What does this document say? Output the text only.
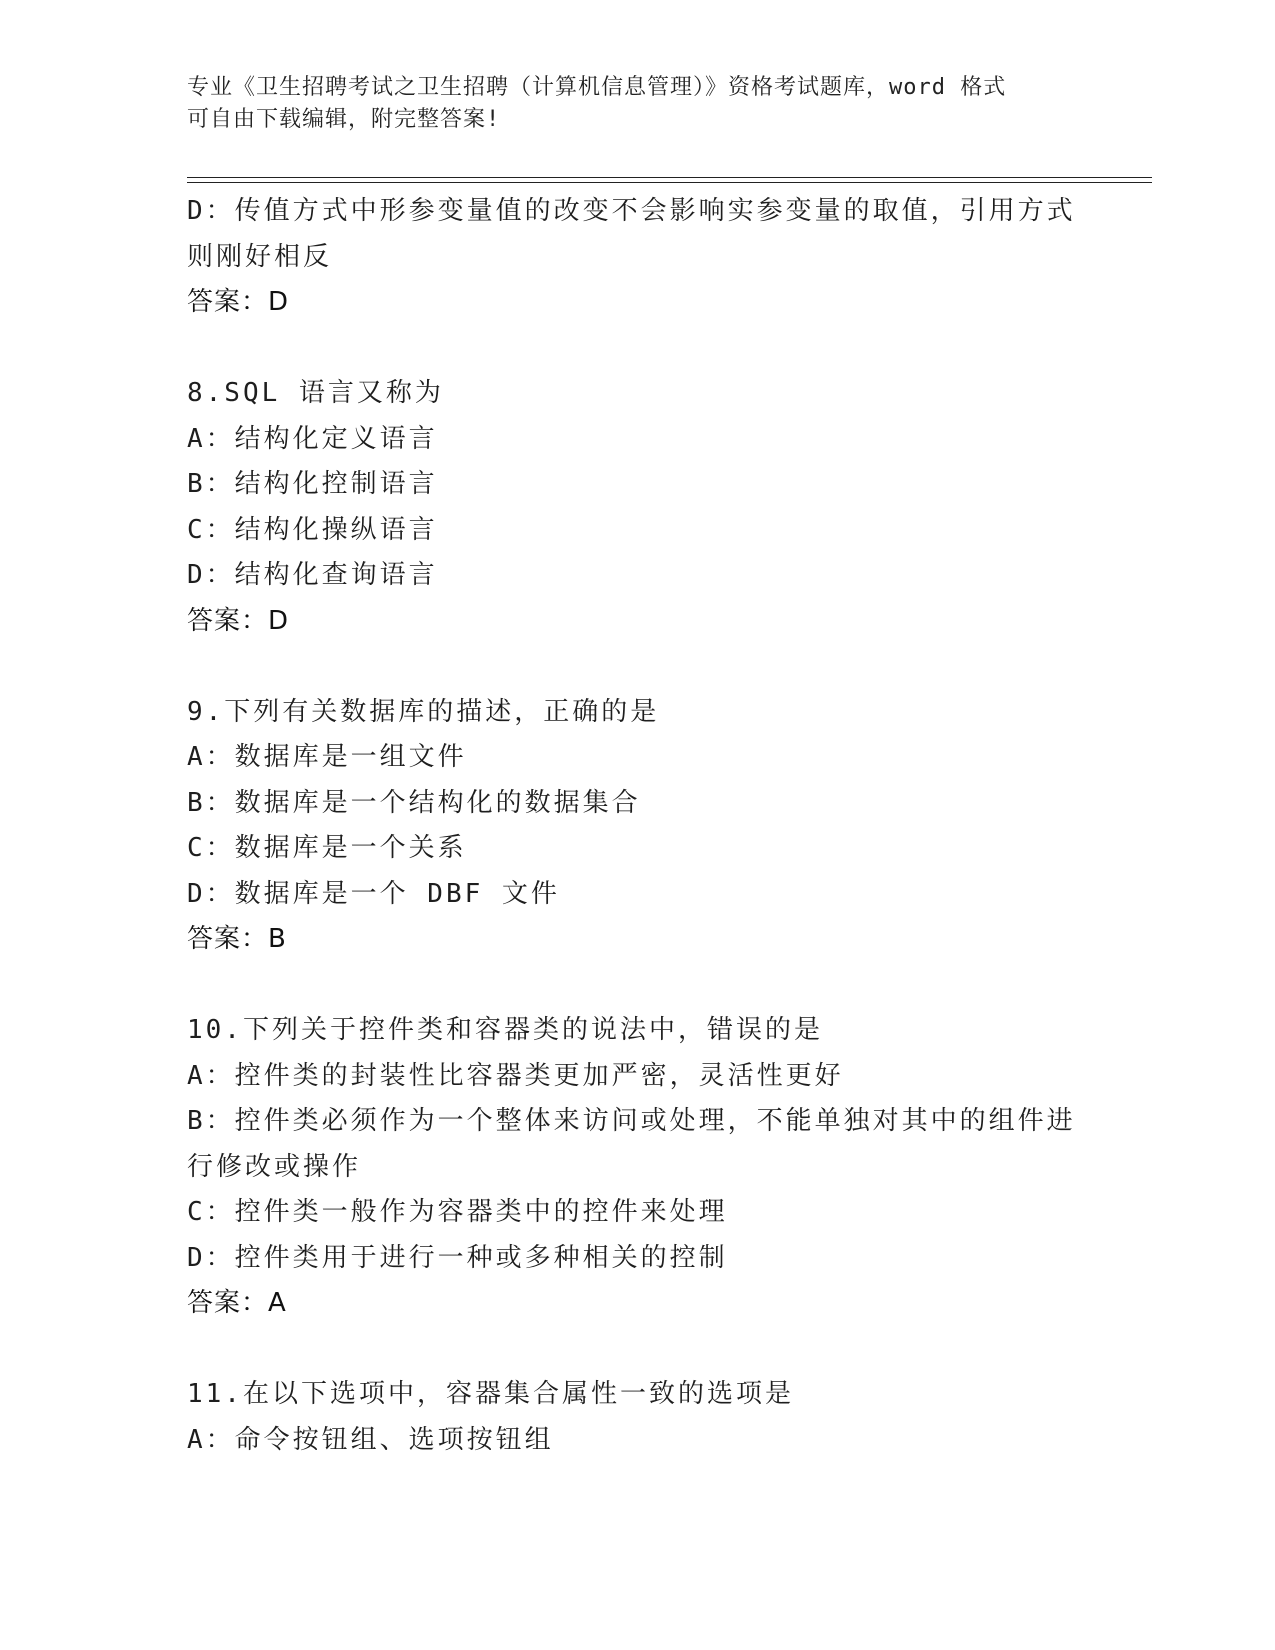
专业《卫生招聘考试之卫生招聘（计算机信息管理）》资格考试题库，word 格式
可自由下载编辑，附完整答案!
D：传值方式中形参变量值的改变不会影响实参变量的取值，引用方式
则刚好相反
答案：D
8.SQL 语言又称为
A：结构化定义语言
B：结构化控制语言
C：结构化操纵语言
D：结构化查询语言
答案：D
9.下列有关数据库的描述，正确的是
A：数据库是一组文件
B：数据库是一个结构化的数据集合
C：数据库是一个关系
D：数据库是一个 DBF 文件
答案：B
10.下列关于控件类和容器类的说法中，错误的是
A：控件类的封装性比容器类更加严密，灵活性更好
B：控件类必须作为一个整体来访问或处理，不能单独对其中的组件进
行修改或操作
C：控件类一般作为容器类中的控件来处理
D：控件类用于进行一种或多种相关的控制
答案：A
11.在以下选项中，容器集合属性一致的选项是
A：命令按钮组、选项按钮组
